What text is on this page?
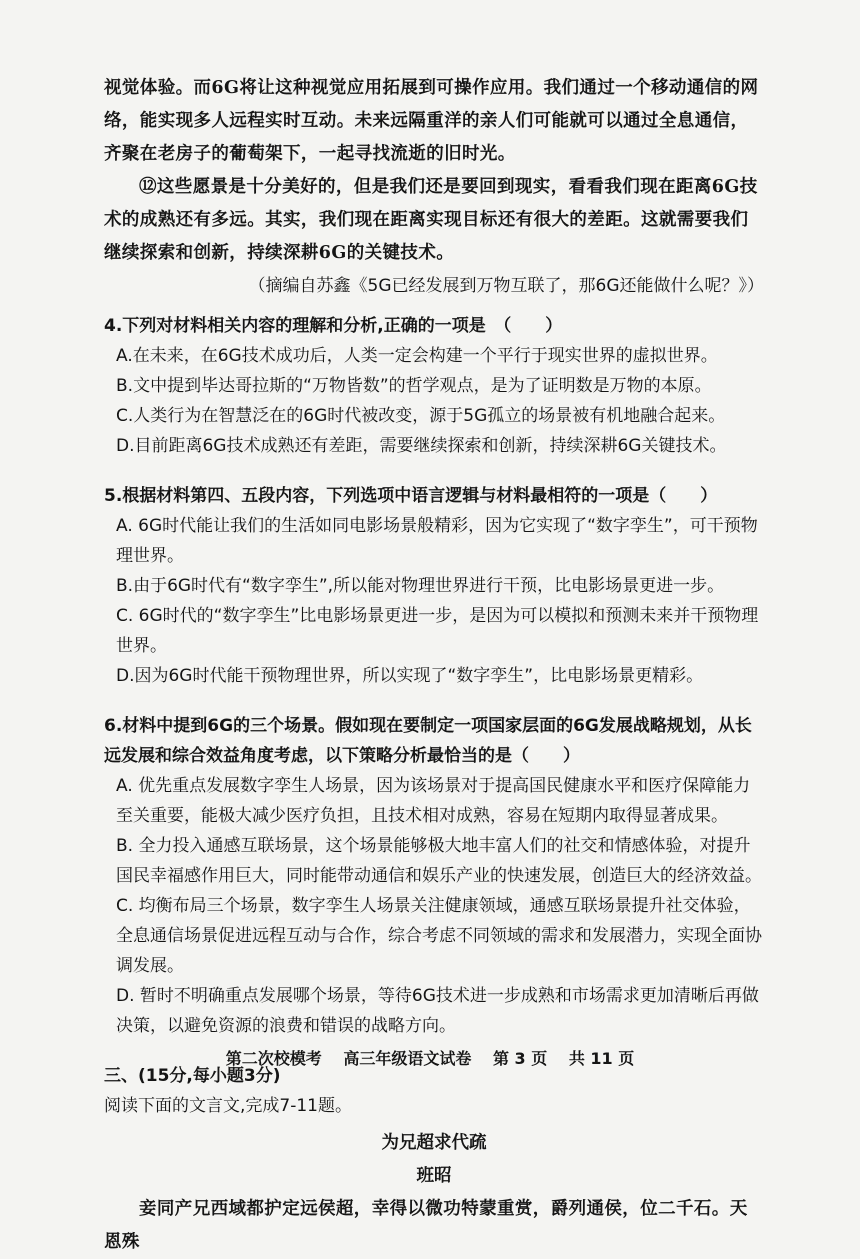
视觉体验。而6G将让这种视觉应用拓展到可操作应用。我们通过一个移动通信的网络，能实现多人远程实时互动。未来远隔重洋的亲人们可能就可以通过全息通信，齐聚在老房子的葡萄架下，一起寻找流逝的旧时光。

⑫这些愿景是十分美好的，但是我们还是要回到现实，看看我们现在距离6G技术的成熟还有多远。其实，我们现在距离实现目标还有很大的差距。这就需要我们继续探索和创新，持续深耕6G的关键技术。

（摘编自苏鑫《5G已经发展到万物互联了，那6G还能做什么呢？》）

4.下列对材料相关内容的理解和分析,正确的一项是　（　　）

A.在未来，在6G技术成功后，人类一定会构建一个平行于现实世界的虚拟世界。

B.文中提到毕达哥拉斯的“万物皆数”的哲学观点，是为了证明数是万物的本原。

C.人类行为在智慧泛在的6G时代被改变，源于5G孤立的场景被有机地融合起来。

D.目前距离6G技术成熟还有差距，需要继续探索和创新，持续深耕6G关键技术。

5.根据材料第四、五段内容，下列选项中语言逻辑与材料最相符的一项是（　　）

A. 6G时代能让我们的生活如同电影场景般精彩，因为它实现了“数字孪生”，可干预物理世界。

B.由于6G时代有“数字孪生”,所以能对物理世界进行干预，比电影场景更进一步。

C. 6G时代的“数字孪生”比电影场景更进一步，是因为可以模拟和预测未来并干预物理世界。

D.因为6G时代能干预物理世界，所以实现了“数字孪生”，比电影场景更精彩。

6.材料中提到6G的三个场景。假如现在要制定一项国家层面的6G发展战略规划，从长远发展和综合效益角度考虑，以下策略分析最恰当的是（　　）

A. 优先重点发展数字孪生人场景，因为该场景对于提高国民健康水平和医疗保障能力至关重要，能极大减少医疗负担，且技术相对成熟，容易在短期内取得显著成果。

B. 全力投入通感互联场景，这个场景能够极大地丰富人们的社交和情感体验，对提升国民幸福感作用巨大，同时能带动通信和娱乐产业的快速发展，创造巨大的经济效益。

C. 均衡布局三个场景，数字孪生人场景关注健康领域，通感互联场景提升社交体验，全息通信场景促进远程互动与合作，综合考虑不同领域的需求和发展潜力，实现全面协调发展。

D. 暂时不明确重点发展哪个场景，等待6G技术进一步成熟和市场需求更加清晰后再做决策，以避免资源的浪费和错误的战略方向。

三、(15分,每小题3分)

阅读下面的文言文,完成7-11题。

为兄超求代疏

班昭

妾同产兄西域都护定远侯超，幸得以微功特蒙重赏，爵列通侯，位二千石。天恩殊

第二次校模考 高三年级语文试卷 第 3 页 共 11 页
